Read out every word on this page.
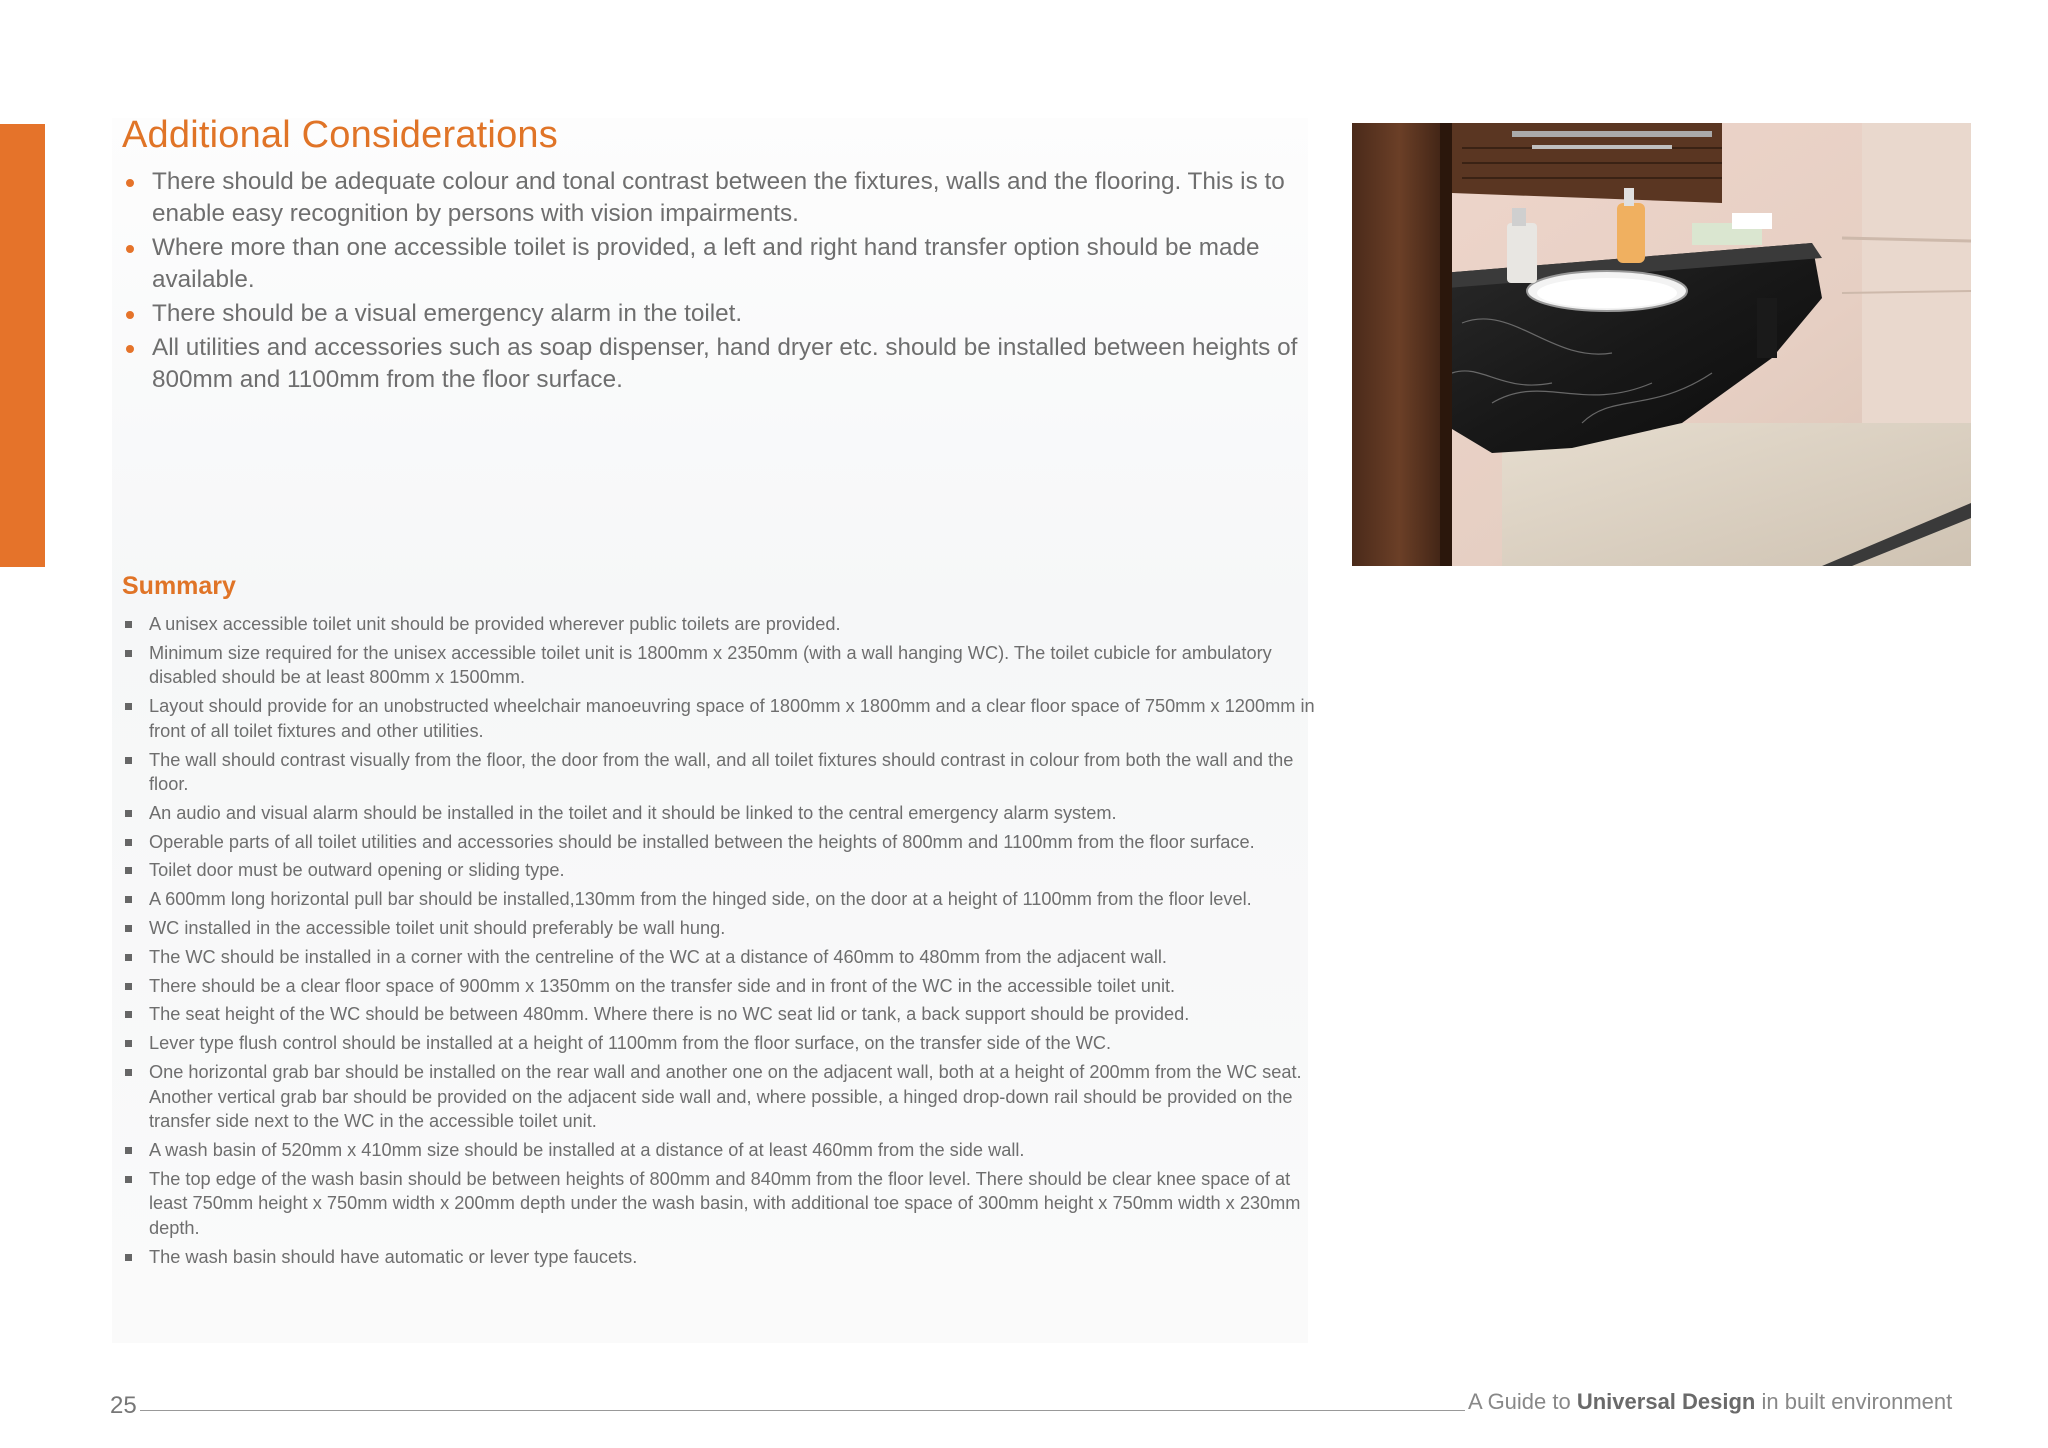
Additional Considerations
There should be adequate colour and tonal contrast between the fixtures, walls and the flooring. This is to enable easy recognition by persons with vision impairments.
Where more than one accessible toilet is provided, a left and right hand transfer option should be made available.
There should be a visual emergency alarm in the toilet.
All utilities and accessories such as soap dispenser, hand dryer etc. should be installed between heights of 800mm and 1100mm from the floor surface.
Summary
A unisex accessible toilet unit should be provided wherever public toilets are provided.
Minimum size required for the unisex accessible toilet unit is 1800mm x 2350mm (with a wall hanging WC). The toilet cubicle for ambulatory disabled should be at least 800mm x 1500mm.
Layout should provide for an unobstructed wheelchair manoeuvring space of 1800mm x 1800mm and a clear floor space of 750mm x 1200mm in front of all toilet fixtures and other utilities.
The wall should contrast visually from the floor, the door from the wall, and all toilet fixtures should contrast in colour from both the wall and the floor.
An audio and visual alarm should be installed in the toilet and it should be linked to the central emergency alarm system.
Operable parts of all toilet utilities and accessories should be installed between the heights of 800mm and 1100mm from the floor surface.
Toilet door must be outward opening or sliding type.
A 600mm long horizontal pull bar should be installed,130mm from the hinged side, on the door at a height of 1100mm from the floor level.
WC installed in the accessible toilet unit should preferably be wall hung.
The WC should be installed in a corner with the centreline of the WC at a distance of 460mm to 480mm from the adjacent wall.
There should be a clear floor space of 900mm x 1350mm on the transfer side and in front of the WC in the accessible toilet unit.
The seat height of the WC should be between 480mm. Where there is no WC seat lid or tank, a back support should be provided.
Lever type flush control should be installed at a height of 1100mm from the floor surface, on the transfer side of the WC.
One horizontal grab bar should be installed on the rear wall and another one on the adjacent wall, both at a height of 200mm from the WC seat. Another vertical grab bar should be provided on the adjacent side wall and, where possible, a hinged drop-down rail should be provided on the transfer side next to the WC in the accessible toilet unit.
A wash basin of 520mm x 410mm size should be installed at a distance of at least 460mm from the side wall.
The top edge of the wash basin should be between heights of 800mm and 840mm from the floor level. There should be clear knee space of at least 750mm height x 750mm width x 200mm depth under the wash basin, with additional toe space of 300mm height x 750mm width x 230mm depth.
The wash basin should have automatic or lever type faucets.
25	A Guide to Universal Design in built environment
